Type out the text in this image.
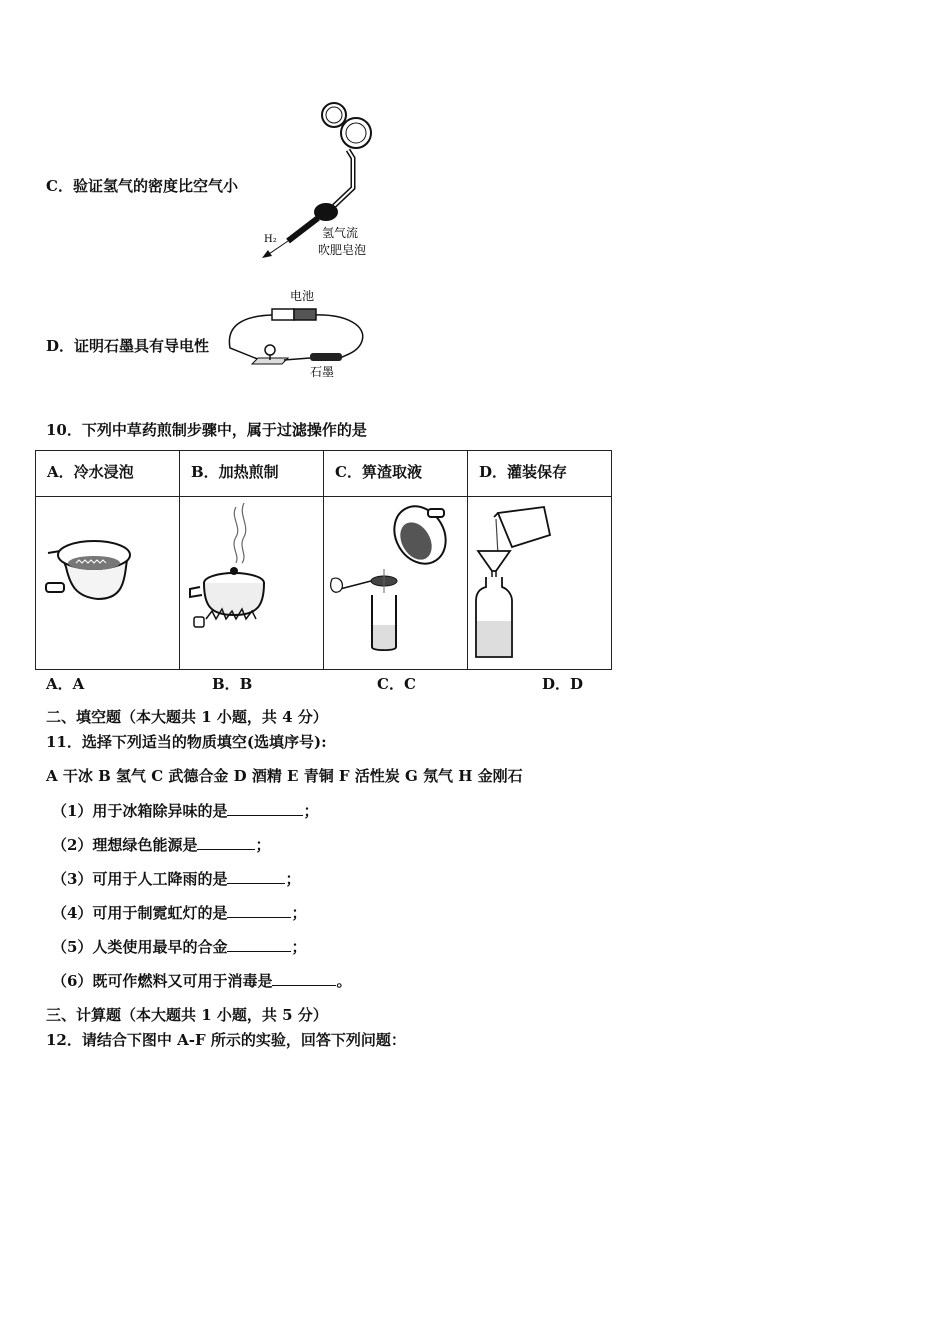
C．验证氢气的密度比空气小
H₂	氢气流
吹肥皂泡
D．证明石墨具有导电性
电池
石墨
10．下列中草药煎制步骤中，属于过滤操作的是
A．冷水浸泡	B．加热煎制	C．箅渣取液	D．灌装保存

A．A	B．B	C．C	D．D
二、填空题（本大题共 1 小题，共 4 分）
11．选择下列适当的物质填空(选填序号):
A 干冰 B 氢气 C 武德合金 D 酒精 E 青铜 F 活性炭 G 氖气 H 金刚石
（1）用于冰箱除异味的是	；
（2）理想绿色能源是	；
（3）可用于人工降雨的是	；
（4）可用于制霓虹灯的是	；
（5）人类使用最早的合金	；
（6）既可作燃料又可用于消毒是	。
三、计算题（本大题共 1 小题，共 5 分）
12．请结合下图中 A-F 所示的实验，回答下列问题：
